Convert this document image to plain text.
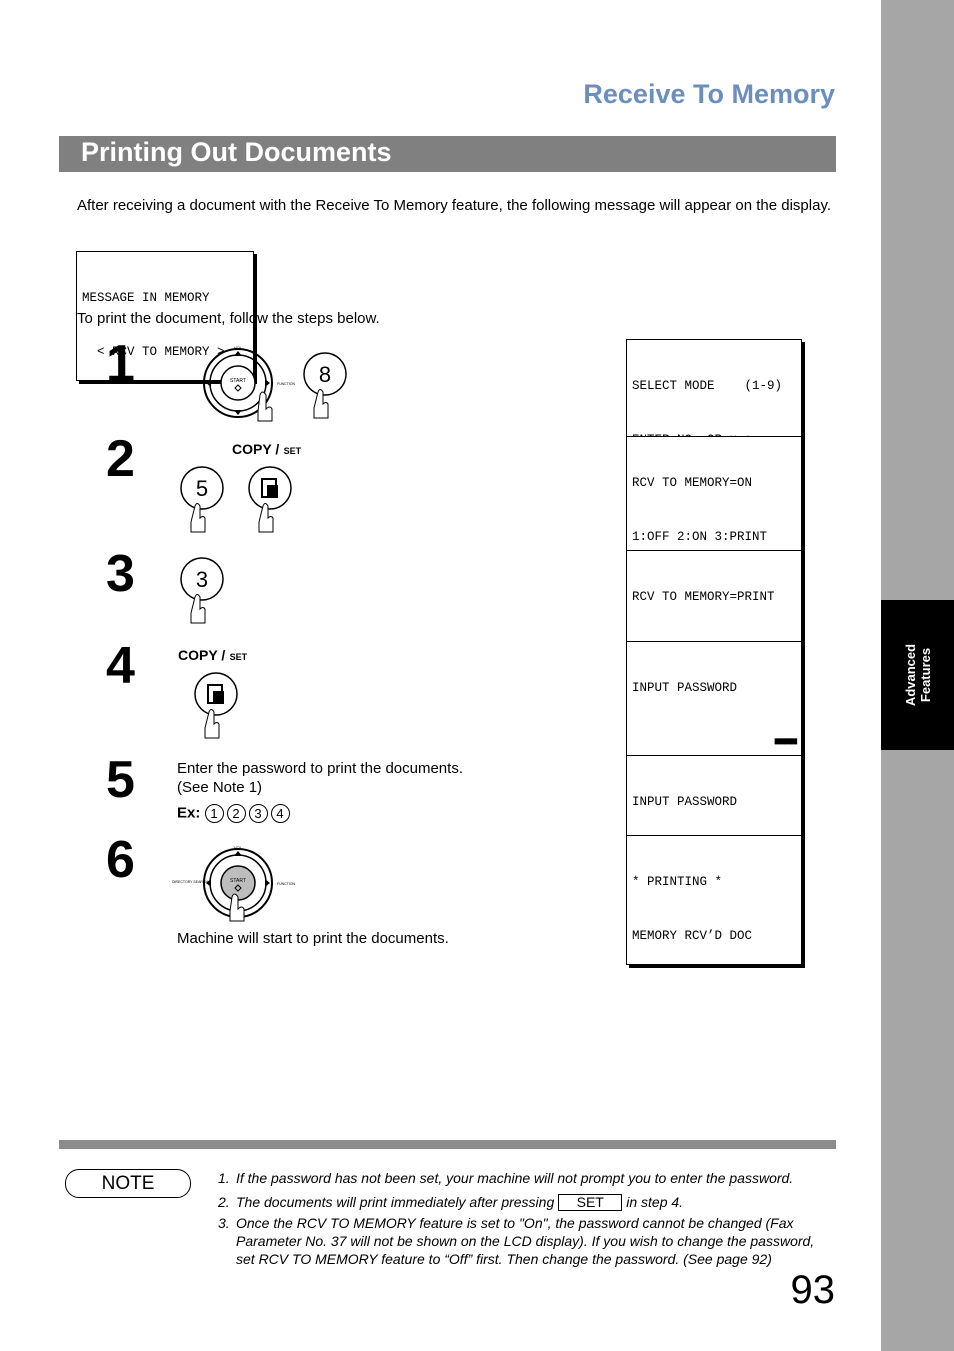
Advanced Features
Receive To Memory
Printing Out Documents
After receiving a document with the Receive To Memory feature, the following message will appear on the display.

MESSAGE IN MEMORY

< RCV TO MEMORY >

To print the document, follow the steps below.
1
2
3
4
5
6
START
VOL
DIRECTORY SEARCH	FUNCTION 8
COPY / SET
5
3
COPY / SET
Enter the password to print the documents.
(See Note 1)
Ex: 1 2 3 4
START
VOL
DIRECTORY SEARCH	FUNCTION
Machine will start to print the documents.

SELECT MODE    (1-9)

RCV TO MEMORY=ON

1:OFF 2:ON 3:PRINT

RCV TO MEMORY=PRINT

INPUT PASSWORD

■■■■

INPUT PASSWORD

* PRINTING *

MEMORY RCV’D DOC

NOTE	1. If the password has not been set, your machine will not prompt you to enter the password.
2. The documents will print immediately after pressing SET in step 4.
3. Once the RCV TO MEMORY feature is set to "On", the password cannot be changed (Fax Parameter No. 37 will not be shown on the LCD display). If you wish to change the password, set RCV TO MEMORY feature to “Off” first. Then change the password. (See page 92)
93
